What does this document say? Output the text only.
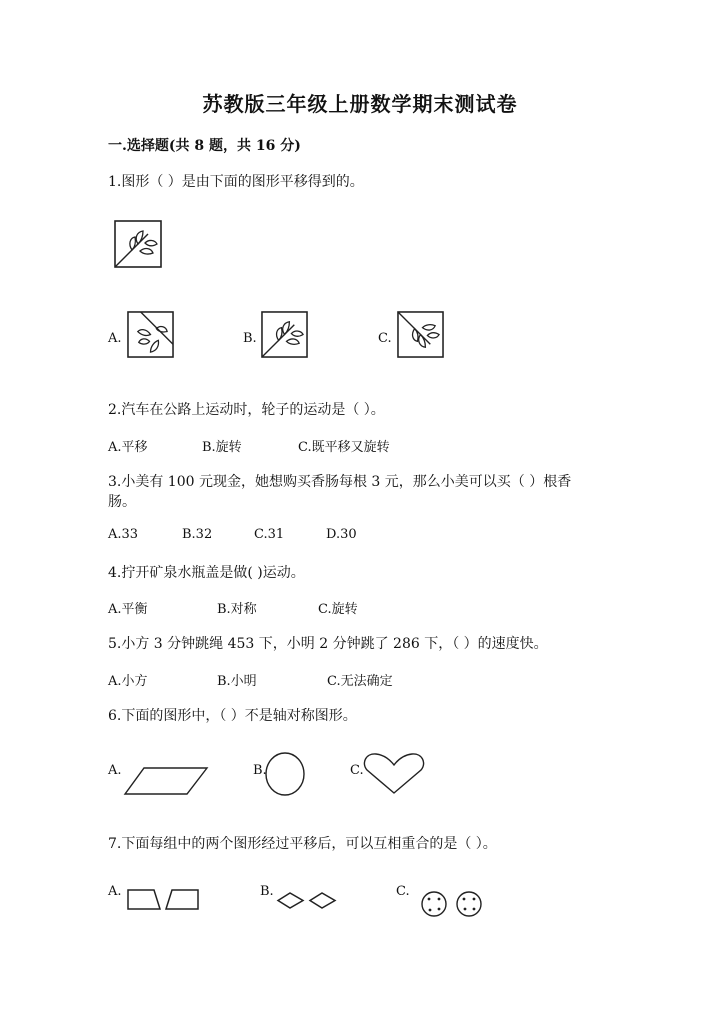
苏教版三年级上册数学期末测试卷
一.选择题(共 8 题，共 16 分)
1.图形（ ）是由下面的图形平移得到的。
A.	B.	C.
2.汽车在公路上运动时，轮子的运动是（ ）。
A.平移	B.旋转	C.既平移又旋转
3.小美有 100 元现金，她想购买香肠每根 3 元，那么小美可以买（ ）根香
肠。
A.33	B.32	C.31	D.30
4.拧开矿泉水瓶盖是做( )运动。
A.平衡	B.对称	C.旋转
5.小方 3 分钟跳绳 453 下，小明 2 分钟跳了 286 下，（ ）的速度快。
A.小方	B.小明	C.无法确定
6.下面的图形中，（ ）不是轴对称图形。
A.	B.	C.
7.下面每组中的两个图形经过平移后，可以互相重合的是（ ）。
A.	B.	C.
